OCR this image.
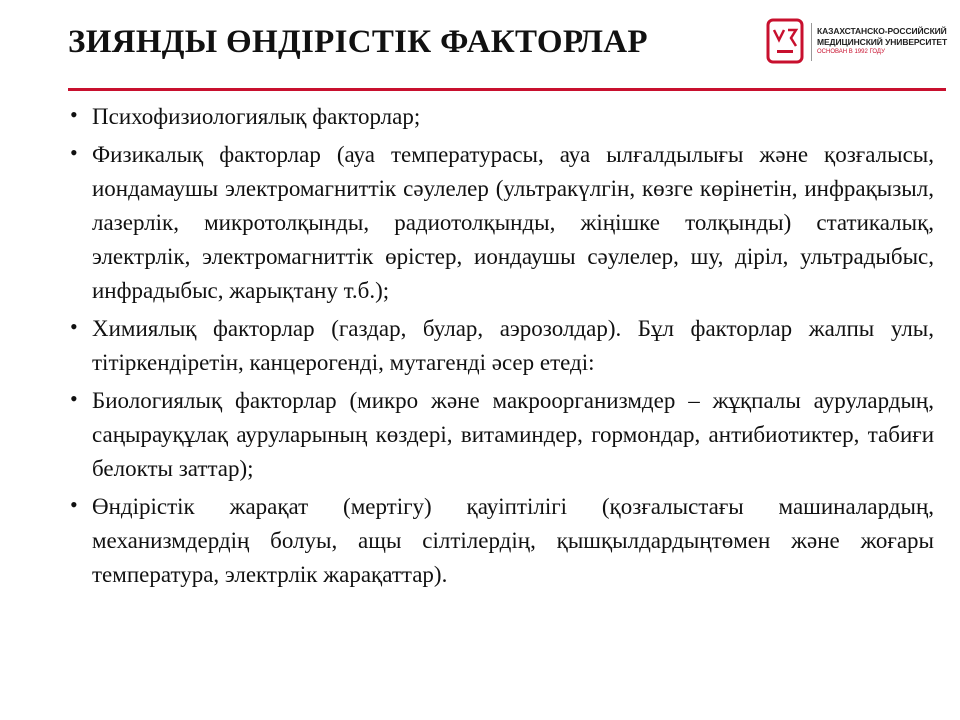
ЗИЯНДЫ ӨНДІРІСТІК ФАКТОРЛАР	КАЗАХСТАНСКО-РОССИЙСКИЙ
МЕДИЦИНСКИЙ УНИВЕРСИТЕТ
ОСНОВАН В 1992 ГОДУ
• Психофизиологиялық факторлар;
• Физикалық факторлар (ауа температурасы, ауа ылғалдылығы және қозғалысы, иондамаушы электромагниттік сәулелер (ультракүлгін, көзге көрінетін, инфрақызыл, лазерлік, микротолқынды, радиотолқынды, жіңішке толқынды) статикалық, электрлік, электромагниттік өрістер, иондаушы сәулелер, шу, діріл, ультрадыбыс, инфрадыбыс, жарықтану т.б.);
• Химиялық факторлар (газдар, булар, аэрозолдар). Бұл факторлар жалпы улы, тітіркендіретін, канцерогенді, мутагенді әсер етеді:
• Биологиялық факторлар (микро және макроорганизмдер – жұқпалы аурулардың, саңырауқұлақ ауруларының көздері, витаминдер, гормондар, антибиотиктер, табиғи белокты заттар);
• Өндірістік жарақат (мертігу) қауіптілігі (қозғалыстағы машиналардың, механизмдердің болуы, ащы сілтілердің, қышқылдардыңтөмен және жоғары температура, электрлік жарақаттар).
